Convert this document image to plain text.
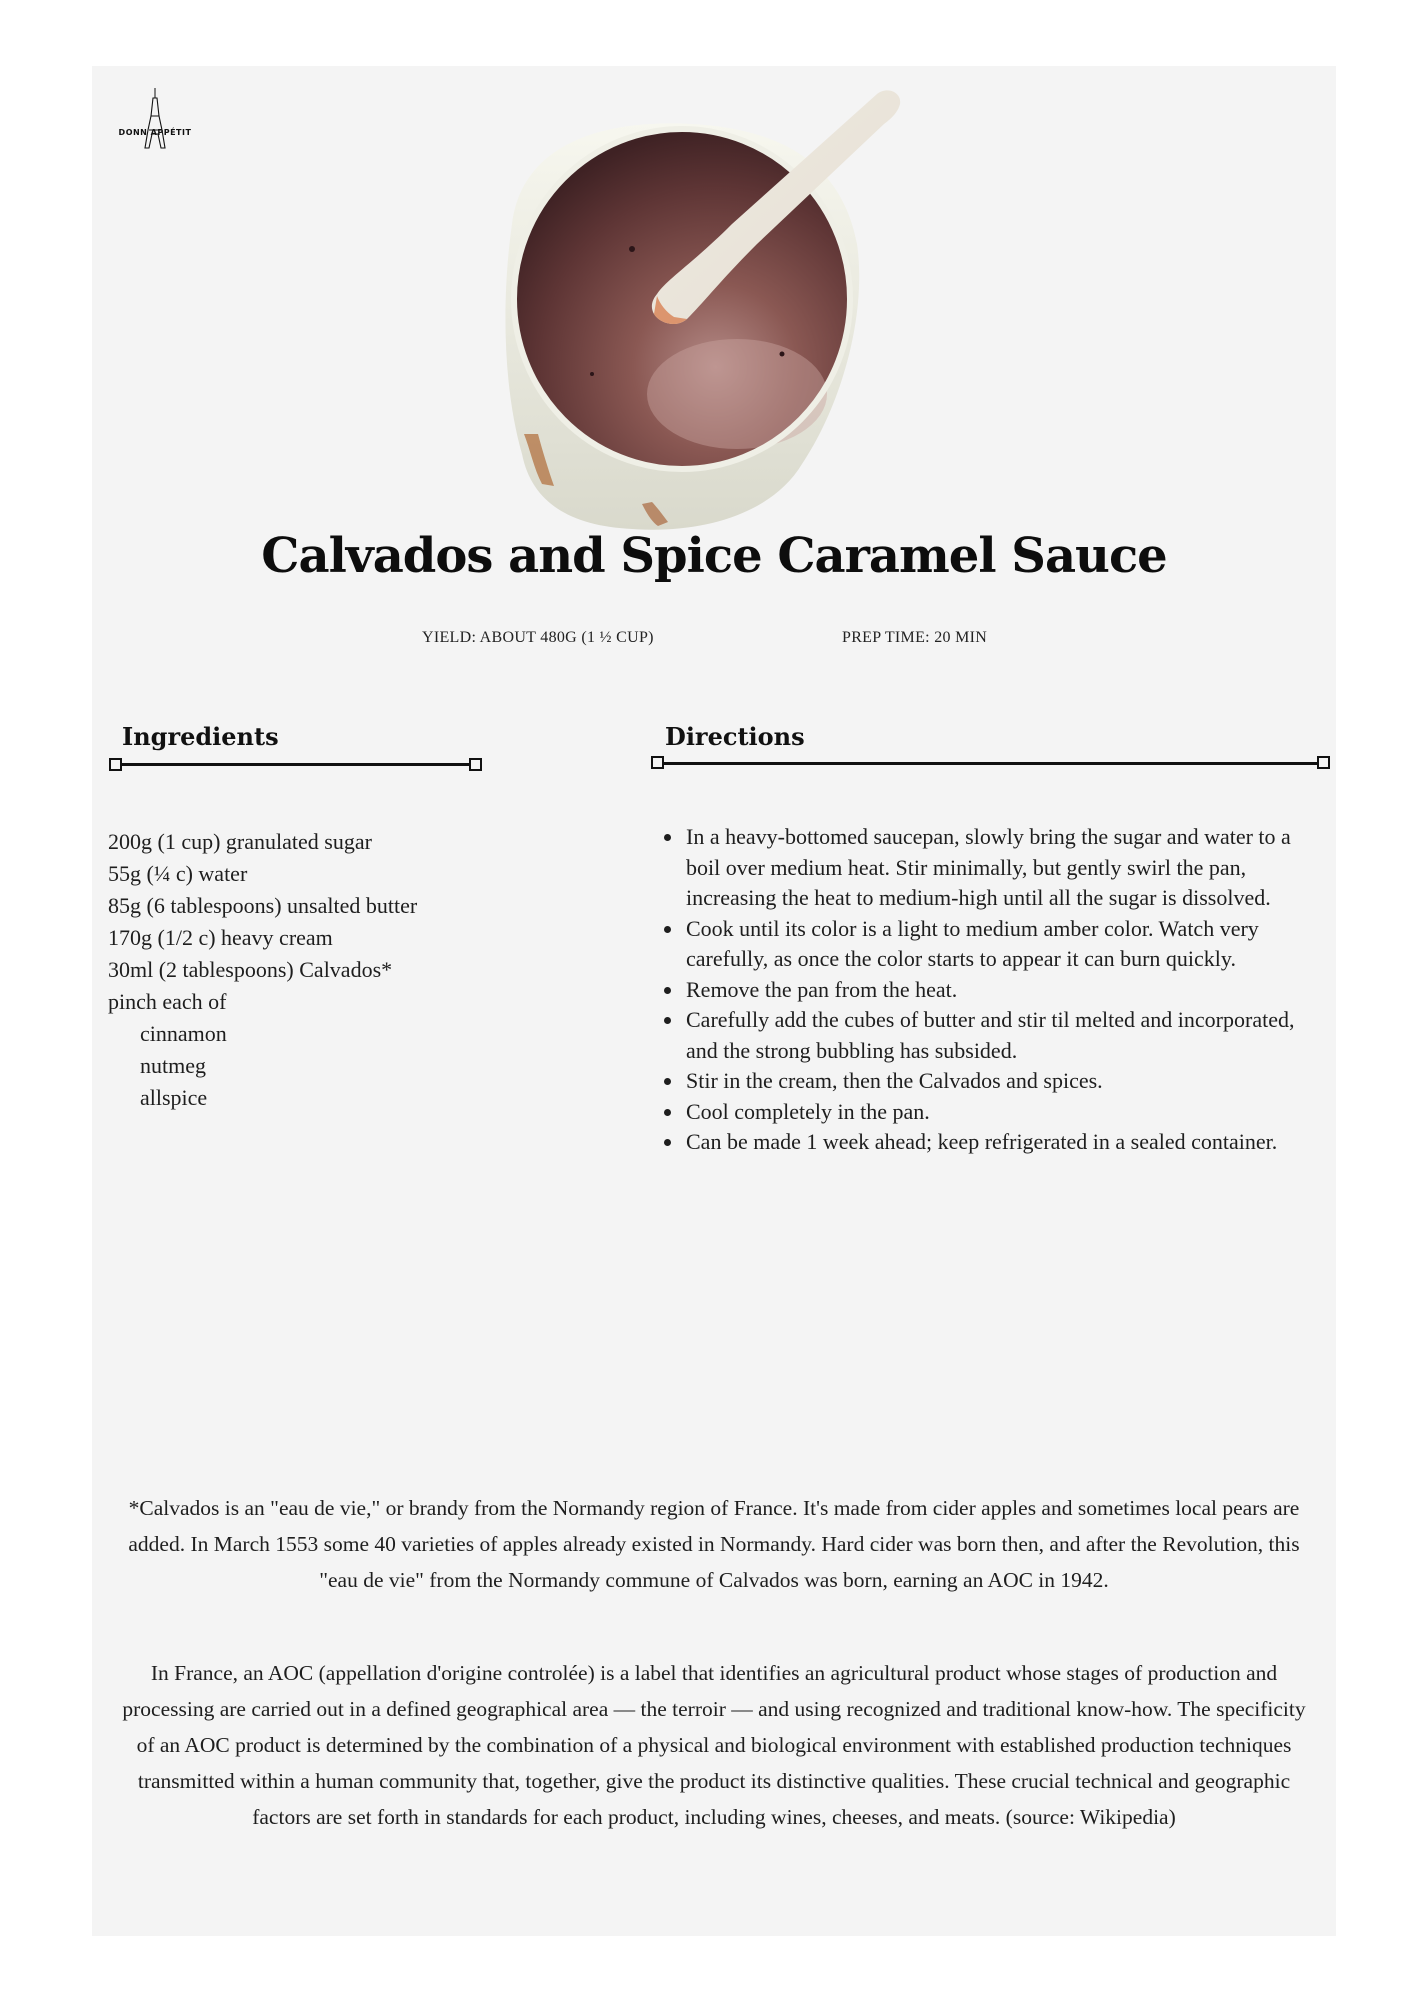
DONN APPÉTIT
Calvados and Spice Caramel Sauce
YIELD: ABOUT 480G (1 ½ CUP)	PREP TIME: 20 MIN
Ingredients	Directions
200g (1 cup) granulated sugar
55g (¼ c) water
85g (6 tablespoons) unsalted butter
170g (1/2 c) heavy cream
30ml (2 tablespoons) Calvados*
pinch each of
cinnamon
nutmeg
allspice
• In a heavy-bottomed saucepan, slowly bring the sugar and water to a boil over medium heat. Stir minimally, but gently swirl the pan, increasing the heat to medium-high until all the sugar is dissolved.
• Cook until its color is a light to medium amber color. Watch very carefully, as once the color starts to appear it can burn quickly.
• Remove the pan from the heat.
• Carefully add the cubes of butter and stir til melted and incorporated, and the strong bubbling has subsided.
• Stir in the cream, then the Calvados and spices.
• Cool completely in the pan.
• Can be made 1 week ahead; keep refrigerated in a sealed container.

*Calvados is an "eau de vie," or brandy from the Normandy region of France. It's made from cider apples and sometimes local pears are added. In March 1553 some 40 varieties of apples already existed in Normandy. Hard cider was born then, and after the Revolution, this "eau de vie" from the Normandy commune of Calvados was born, earning an AOC in 1942.

In France, an AOC (appellation d'origine controlée) is a label that identifies an agricultural product whose stages of production and processing are carried out in a defined geographical area — the terroir — and using recognized and traditional know-how. The specificity of an AOC product is determined by the combination of a physical and biological environment with established production techniques transmitted within a human community that, together, give the product its distinctive qualities. These crucial technical and geographic factors are set forth in standards for each product, including wines, cheeses, and meats. (source: Wikipedia)
